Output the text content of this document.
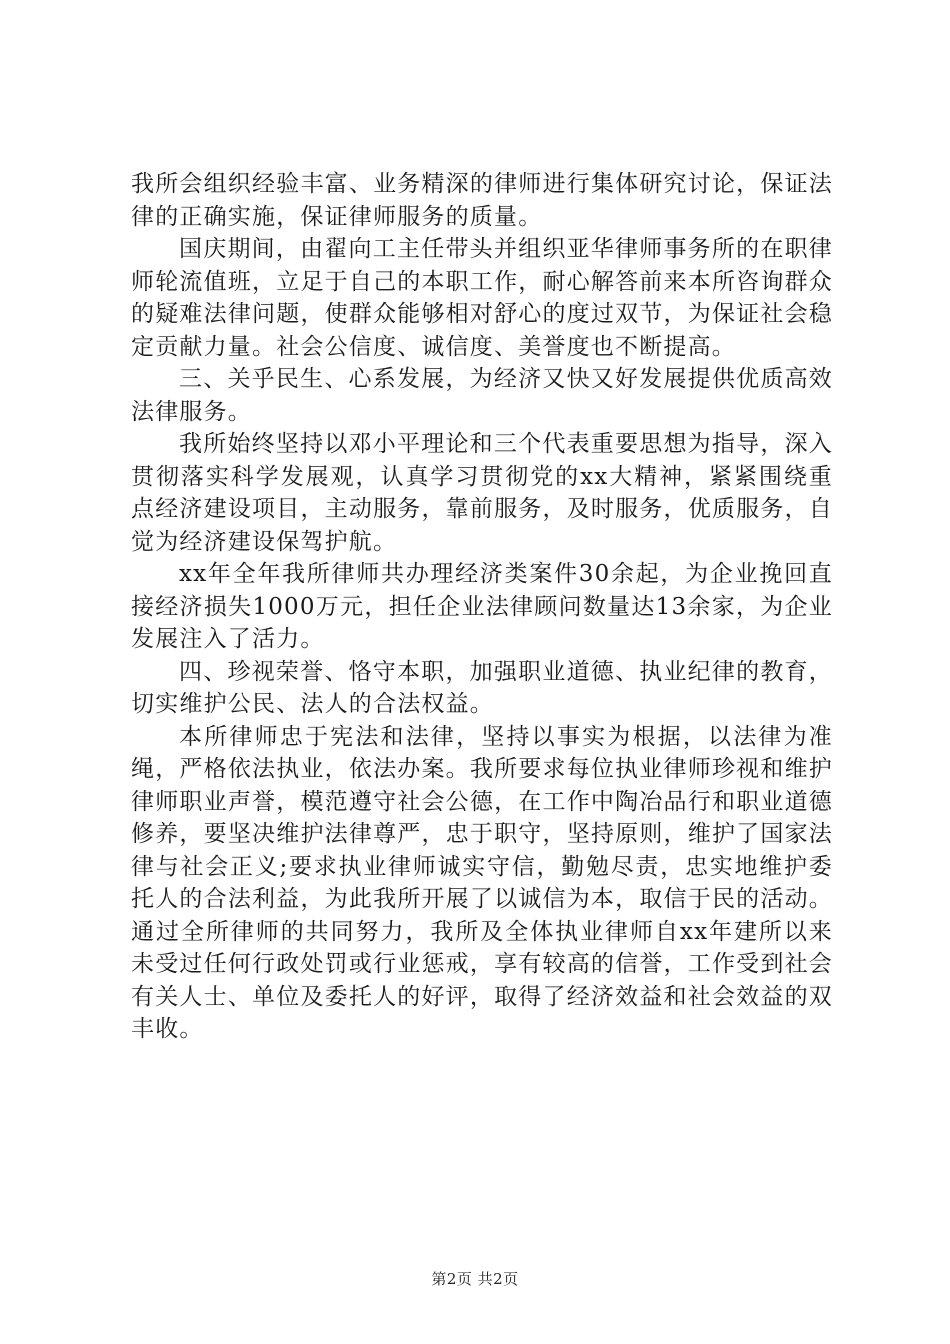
我所会组织经验丰富、业务精深的律师进行集体研究讨论，保证法律的正确实施，保证律师服务的质量。

国庆期间，由翟向工主任带头并组织亚华律师事务所的在职律师轮流值班，立足于自己的本职工作，耐心解答前来本所咨询群众的疑难法律问题，使群众能够相对舒心的度过双节，为保证社会稳定贡献力量。社会公信度、诚信度、美誉度也不断提高。

三、关乎民生、心系发展，为经济又快又好发展提供优质高效法律服务。

我所始终坚持以邓小平理论和三个代表重要思想为指导，深入贯彻落实科学发展观，认真学习贯彻党的xx大精神，紧紧围绕重点经济建设项目，主动服务，靠前服务，及时服务，优质服务，自觉为经济建设保驾护航。

xx年全年我所律师共办理经济类案件30余起，为企业挽回直接经济损失1000万元，担任企业法律顾问数量达13余家，为企业发展注入了活力。

四、珍视荣誉、恪守本职，加强职业道德、执业纪律的教育，切实维护公民、法人的合法权益。

本所律师忠于宪法和法律，坚持以事实为根据，以法律为准绳，严格依法执业，依法办案。我所要求每位执业律师珍视和维护律师职业声誉，模范遵守社会公德，在工作中陶冶品行和职业道德修养，要坚决维护法律尊严，忠于职守，坚持原则，维护了国家法律与社会正义;要求执业律师诚实守信，勤勉尽责，忠实地维护委托人的合法利益，为此我所开展了以诚信为本，取信于民的活动。通过全所律师的共同努力，我所及全体执业律师自xx年建所以来未受过任何行政处罚或行业惩戒，享有较高的信誉，工作受到社会有关人士、单位及委托人的好评，取得了经济效益和社会效益的双丰收。

第2页 共2页
